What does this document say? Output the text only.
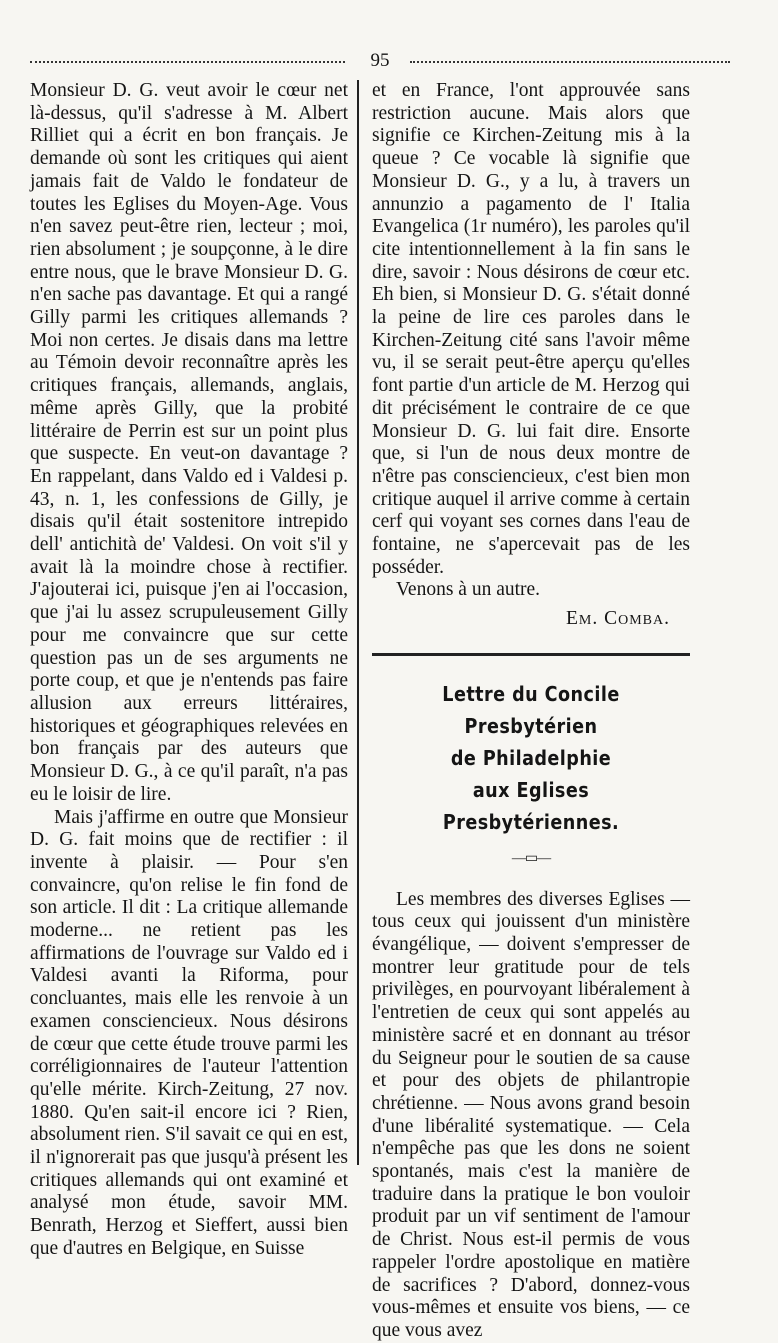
95

Monsieur D. G. veut avoir le cœur net là-dessus, qu'il s'adresse à M. Albert Rilliet qui a écrit en bon français. Je demande où sont les critiques qui aient jamais fait de Valdo le fondateur de toutes les Eglises du Moyen-Age. Vous n'en savez peut-être rien, lecteur ; moi, rien absolument ; je soupçonne, à le dire entre nous, que le brave Monsieur D. G. n'en sache pas davantage. Et qui a rangé Gilly parmi les critiques allemands ? Moi non certes. Je disais dans ma lettre au Témoin devoir reconnaître après les critiques français, allemands, anglais, même après Gilly, que la probité littéraire de Perrin est sur un point plus que suspecte. En veut-on davantage ? En rappelant, dans Valdo ed i Valdesi p. 43, n. 1, les confessions de Gilly, je disais qu'il était sostenitore intrepido dell' antichità de' Valdesi. On voit s'il y avait là la moindre chose à rectifier. J'ajouterai ici, puisque j'en ai l'occasion, que j'ai lu assez scrupuleusement Gilly pour me convaincre que sur cette question pas un de ses arguments ne porte coup, et que je n'entends pas faire allusion aux erreurs littéraires, historiques et géographiques relevées en bon français par des auteurs que Monsieur D. G., à ce qu'il paraît, n'a pas eu le loisir de lire.

Mais j'affirme en outre que Monsieur D. G. fait moins que de rectifier : il invente à plaisir. — Pour s'en convaincre, qu'on relise le fin fond de son article. Il dit : La critique allemande moderne... ne retient pas les affirmations de l'ouvrage sur Valdo ed i Valdesi avanti la Riforma, pour concluantes, mais elle les renvoie à un examen consciencieux. Nous désirons de cœur que cette étude trouve parmi les corréligionnaires de l'auteur l'attention qu'elle mérite. Kirch-Zeitung, 27 nov. 1880. Qu'en sait-il encore ici ? Rien, absolument rien. S'il savait ce qui en est, il n'ignorerait pas que jusqu'à présent les critiques allemands qui ont examiné et analysé mon étude, savoir MM. Benrath, Herzog et Sieffert, aussi bien que d'autres en Belgique, en Suisse

et en France, l'ont approuvée sans restriction aucune. Mais alors que signifie ce Kirchen-Zeitung mis à la queue ? Ce vocable là signifie que Monsieur D. G., y a lu, à travers un annunzio a pagamento de l' Italia Evangelica (1r numéro), les paroles qu'il cite intentionnellement à la fin sans le dire, savoir : Nous désirons de cœur etc. Eh bien, si Monsieur D. G. s'était donné la peine de lire ces paroles dans le Kirchen-Zeitung cité sans l'avoir même vu, il se serait peut-être aperçu qu'elles font partie d'un article de M. Herzog qui dit précisément le contraire de ce que Monsieur D. G. lui fait dire. Ensorte que, si l'un de nous deux montre de n'être pas consciencieux, c'est bien mon critique auquel il arrive comme à certain cerf qui voyant ses cornes dans l'eau de fontaine, ne s'apercevait pas de les posséder.

Venons à un autre.

Em. Comba.

Lettre du Concile Presbytérien
de Philadelphie
aux Eglises Presbytériennes.
—▭—

Les membres des diverses Eglises — tous ceux qui jouissent d'un ministère évangélique, — doivent s'empresser de montrer leur gratitude pour de tels privilèges, en pourvoyant libéralement à l'entretien de ceux qui sont appelés au ministère sacré et en donnant au trésor du Seigneur pour le soutien de sa cause et pour des objets de philantropie chrétienne. — Nous avons grand besoin d'une libéralité systematique. — Cela n'empêche pas que les dons ne soient spontanés, mais c'est la manière de traduire dans la pratique le bon vouloir produit par un vif sentiment de l'amour de Christ. Nous est-il permis de vous rappeler l'ordre apostolique en matière de sacrifices ? D'abord, donnez-vous vous-mêmes et ensuite vos biens, — ce que vous avez
